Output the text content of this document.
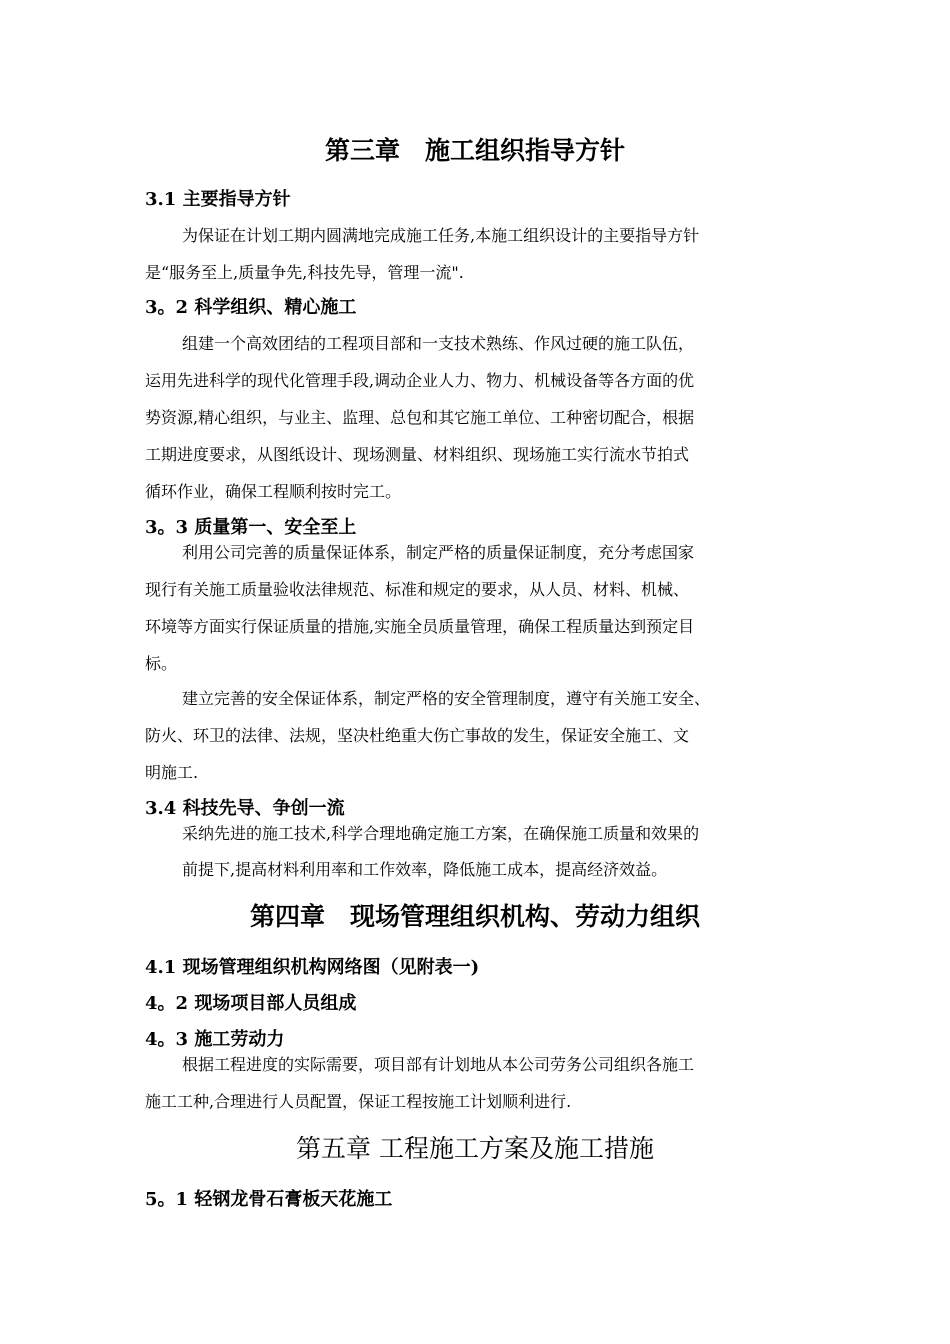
第三章　施工组织指导方针
3.1 主要指导方针

为保证在计划工期内圆满地完成施工任务,本施工组织设计的主要指导方针

是“服务至上,质量争先,科技先导，管理一流".

3。2 科学组织、精心施工

组建一个高效团结的工程项目部和一支技术熟练、作风过硬的施工队伍，

运用先进科学的现代化管理手段,调动企业人力、物力、机械设备等各方面的优

势资源,精心组织，与业主、监理、总包和其它施工单位、工种密切配合，根据

工期进度要求，从图纸设计、现场测量、材料组织、现场施工实行流水节拍式

循环作业，确保工程顺利按时完工。

3。3 质量第一、安全至上

利用公司完善的质量保证体系，制定严格的质量保证制度，充分考虑国家

现行有关施工质量验收法律规范、标准和规定的要求，从人员、材料、机械、

环境等方面实行保证质量的措施,实施全员质量管理，确保工程质量达到预定目

标。

建立完善的安全保证体系，制定严格的安全管理制度，遵守有关施工安全、

防火、环卫的法律、法规，坚决杜绝重大伤亡事故的发生，保证安全施工、文

明施工.

3.4 科技先导、争创一流

采纳先进的施工技术,科学合理地确定施工方案，在确保施工质量和效果的

前提下,提高材料利用率和工作效率，降低施工成本，提高经济效益。

第四章　现场管理组织机构、劳动力组织
4.1 现场管理组织机构网络图（见附表一)
4。2 现场项目部人员组成
4。3 施工劳动力

根据工程进度的实际需要，项目部有计划地从本公司劳务公司组织各施工

施工工种,合理进行人员配置，保证工程按施工计划顺利进行.

第五章 工程施工方案及施工措施
5。1 轻钢龙骨石膏板天花施工
